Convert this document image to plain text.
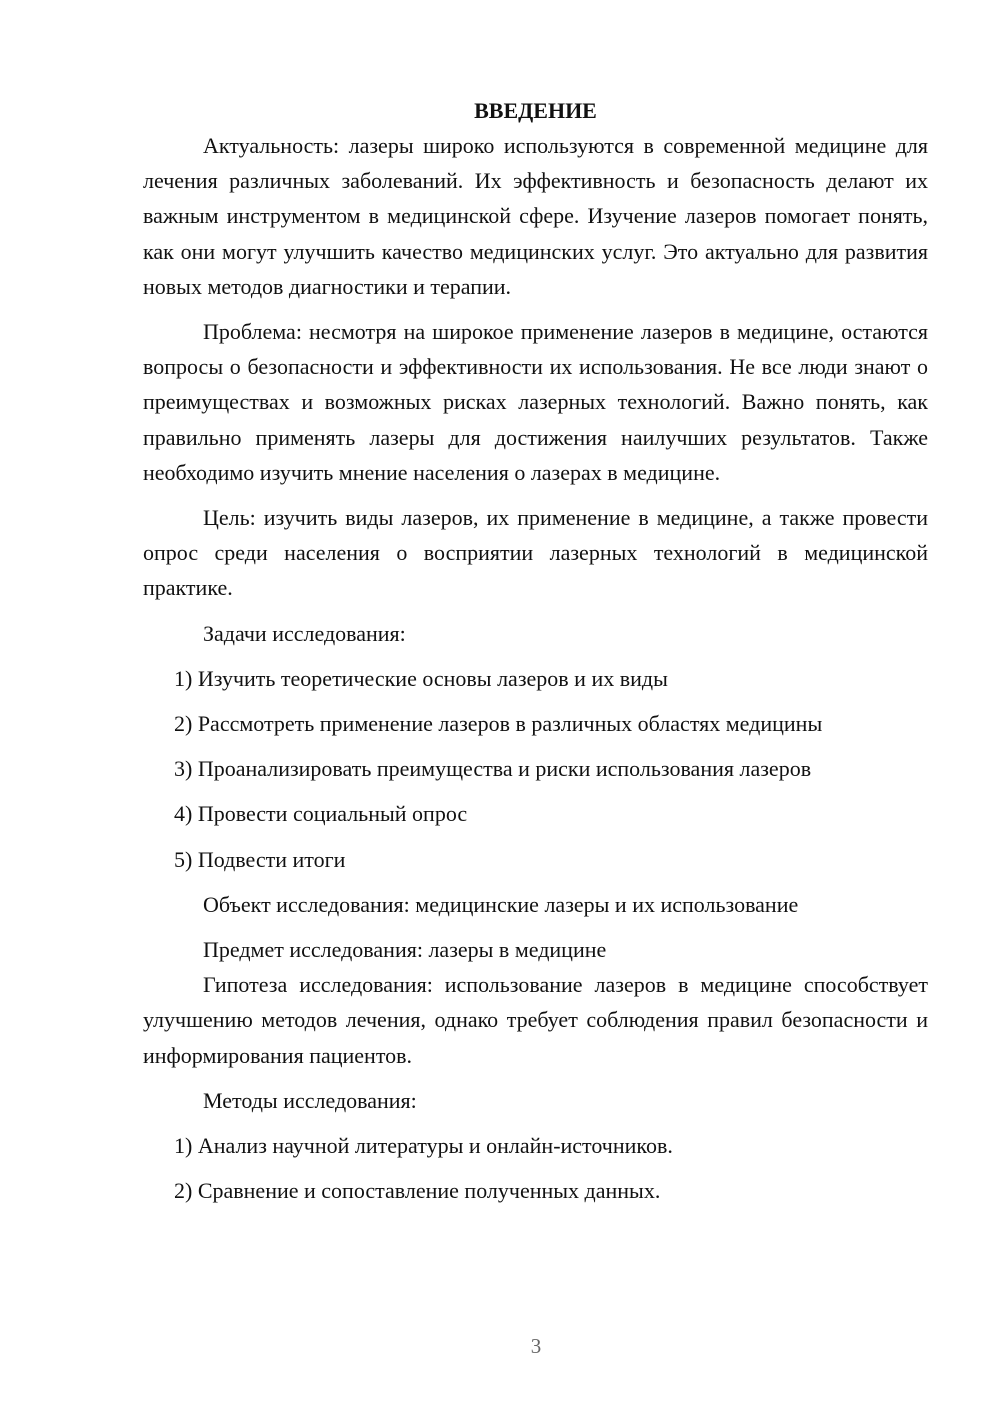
ВВЕДЕНИЕ

Актуальность: лазеры широко используются в современной медицине для лечения различных заболеваний. Их эффективность и безопасность делают их важным инструментом в медицинской сфере. Изучение лазеров помогает понять, как они могут улучшить качество медицинских услуг. Это актуально для развития новых методов диагностики и терапии.

Проблема: несмотря на широкое применение лазеров в медицине, остаются вопросы о безопасности и эффективности их использования. Не все люди знают о преимуществах и возможных рисках лазерных технологий. Важно понять, как правильно применять лазеры для достижения наилучших результатов. Также необходимо изучить мнение населения о лазерах в медицине.

Цель: изучить виды лазеров, их применение в медицине, а также провести опрос среди населения о восприятии лазерных технологий в медицинской практике.

Задачи исследования:
1) Изучить теоретические основы лазеров и их виды
2) Рассмотреть применение лазеров в различных областях медицины
3) Проанализировать преимущества и риски использования лазеров
4) Провести социальный опрос
5) Подвести итоги
Объект исследования: медицинские лазеры и их использование
Предмет исследования: лазеры в медицине

Гипотеза исследования: использование лазеров в медицине способствует улучшению методов лечения, однако требует соблюдения правил безопасности и информирования пациентов.

Методы исследования:
1) Анализ научной литературы и онлайн-источников.
2) Сравнение и сопоставление полученных данных.
3
